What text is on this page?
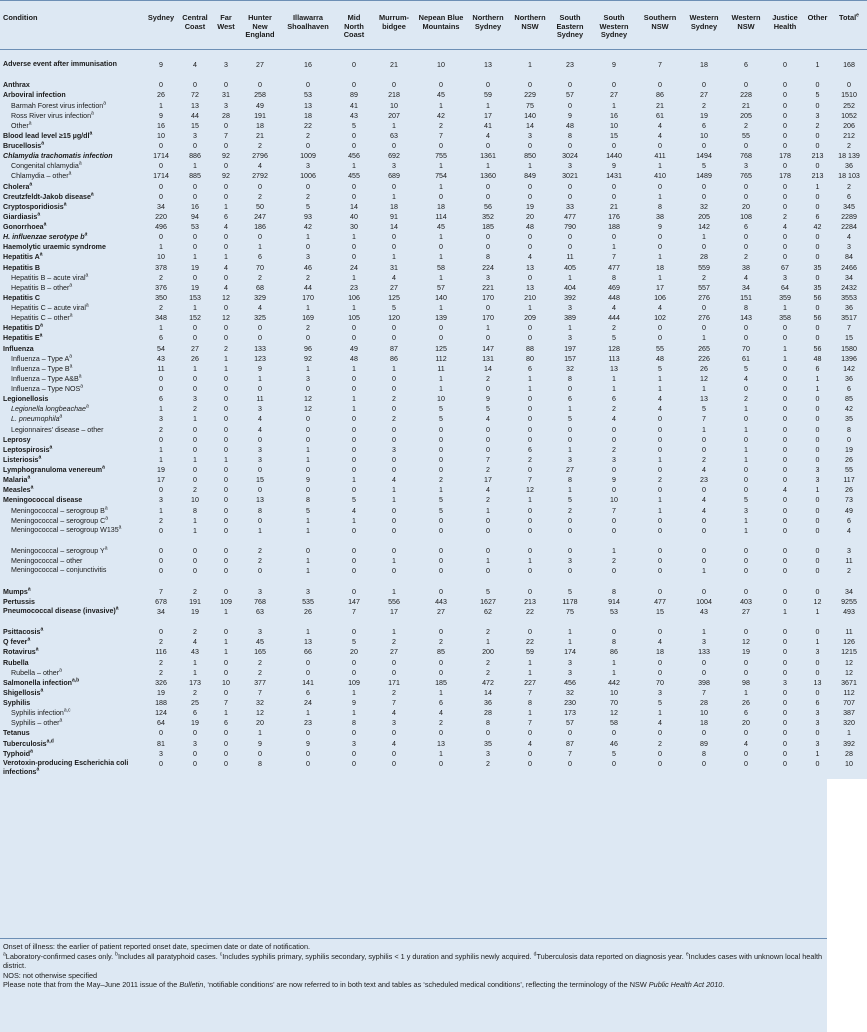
Condition	Sydney	Central Coast	Far West	Hunter New England	Illawarra Shoalhaven	Mid North Coast	Murrum-bidgee	Nepean Blue Mountains	Northern Sydney	Northern NSW	South Eastern Sydney	South Western Sydney	Southern NSW	Western Sydney	Western NSW	Justice Health	Other	Total$^e$

Adverse event after immunisation	9	4	3	27	16	0	21	10	13	1	23	9	7	18	6	0	1	168
Anthrax	0	0	0	0	0	0	0	0	0	0	0	0	0	0	0	0	0	0
Arboviral infection	26	72	31	258	53	89	218	45	59	229	57	27	86	27	228	0	5	1510
Barmah Forest virus infection$^a$	1	13	3	49	13	41	10	1	1	75	0	1	21	2	21	0	0	252
Ross River virus infection$^a$	9	44	28	191	18	43	207	42	17	140	9	16	61	19	205	0	3	1052
Other$^a$	16	15	0	18	22	5	1	2	41	14	48	10	4	6	2	0	2	206
Blood lead level ≥15 $\mu g/dl^a$	10	3	7	21	2	0	63	7	4	3	8	15	4	10	55	0	0	212
Brucellosis$^a$	0	0	0	2	0	0	0	0	0	0	0	0	0	0	0	0	0	2
Chlamydia trachomatis infection	1714	886	92	2796	1009	456	692	755	1361	850	3024	1440	411	1494	768	178	213	18 139
Congenital chlamydia$^a$	0	1	0	4	3	1	3	1	1	1	3	9	1	5	3	0	0	36
Chlamydia – other$^a$	1714	885	92	2792	1006	455	689	754	1360	849	3021	1431	410	1489	765	178	213	18 103
Cholera$^a$	0	0	0	0	0	0	0	1	0	0	0	0	0	0	0	0	1	2
Creutzfeldt-Jakob disease$^a$	0	0	0	2	2	0	1	0	0	0	0	0	1	0	0	0	0	6
Cryptosporidiosis$^a$	34	16	1	50	5	14	18	18	56	19	33	21	8	32	20	0	0	345
Giardiasis$^a$	220	94	6	247	93	40	91	114	352	20	477	176	38	205	108	2	6	2289
Gonorrhoea$^a$	496	53	4	186	42	30	14	45	185	48	790	188	9	142	6	4	42	2284
H. influenzae serotype $b^a$	0	0	0	0	1	1	0	1	0	0	0	0	0	1	0	0	0	4
Haemolytic uraemic syndrome	1	0	0	1	0	0	0	0	0	0	0	1	0	0	0	0	0	3
Hepatitis $A^a$	10	1	1	6	3	0	1	1	8	4	11	7	1	28	2	0	0	84
Hepatitis B	378	19	4	70	46	24	31	58	224	13	405	477	18	559	38	67	35	2466
Hepatitis B – acute viral$^a$	2	0	0	2	2	1	4	1	3	0	1	8	1	2	4	3	0	34
Hepatitis B – other$^a$	376	19	4	68	44	23	27	57	221	13	404	469	17	557	34	64	35	2432
Hepatitis C	350	153	12	329	170	106	125	140	170	210	392	448	106	276	151	359	56	3553
Hepatitis C – acute viral$^a$	2	1	0	4	1	1	5	1	0	1	3	4	4	0	8	1	0	36
Hepatitis C – other$^a$	348	152	12	325	169	105	120	139	170	209	389	444	102	276	143	358	56	3517
Hepatitis $D^a$	1	0	0	0	2	0	0	0	1	0	1	2	0	0	0	0	0	7
Hepatitis $E^a$	6	0	0	0	0	0	0	0	0	0	3	5	0	1	0	0	0	15
Influenza	54	27	2	133	96	49	87	125	147	88	197	128	55	265	70	1	56	1580
Influenza – Type $A^a$	43	26	1	123	92	48	86	112	131	80	157	113	48	226	61	1	48	1396
Influenza – Type $B^a$	11	1	1	9	1	1	1	11	14	6	32	13	5	26	5	0	6	142
Influenza – Type $A\&B^a$	0	0	0	1	3	0	0	1	2	1	8	1	1	12	4	0	1	36
Influenza – Type NOS$^a$	0	0	0	0	0	0	0	1	0	1	0	1	1	1	0	0	1	6
Legionellosis	6	3	0	11	12	1	2	10	9	0	6	6	4	13	2	0	0	85
Legionella longbeachae$^a$	1	2	0	3	12	1	0	5	5	0	1	2	4	5	1	0	0	42
L. pneumophila$^a$	3	1	0	4	0	0	2	5	4	0	5	4	0	7	0	0	0	35
Legionnaires' disease – other	2	0	0	4	0	0	0	0	0	0	0	0	0	1	1	0	0	8
Leprosy	0	0	0	0	0	0	0	0	0	0	0	0	0	0	0	0	0	0
Leptospirosis$^a$	1	0	0	3	1	0	3	0	0	6	1	2	0	0	1	0	0	19
Listeriosis$^a$	1	1	1	3	1	0	0	0	7	2	3	3	1	2	1	0	0	26
Lymphogranuloma venereum$^a$	19	0	0	0	0	0	0	0	2	0	27	0	0	4	0	0	3	55
Malaria$^a$	17	0	0	15	9	1	4	2	17	7	8	9	2	23	0	0	3	117
Measles$^a$	0	2	0	0	0	0	1	1	4	12	1	0	0	0	0	4	1	26
Meningococcal disease	3	10	0	13	8	5	1	5	2	1	5	10	1	4	5	0	0	73
Meningococcal – serogroup $B^a$	1	8	0	8	5	4	0	5	1	0	2	7	1	4	3	0	0	49
Meningococcal – serogroup $C^a$	2	1	0	0	1	1	0	0	0	0	0	0	0	0	1	0	0	6
Meningococcal – serogroup W135$^a$	0	1	0	1	1	0	0	0	0	0	0	0	0	0	1	0	0	4
Meningococcal – serogroup $Y^a$	0	0	0	2	0	0	0	0	0	0	0	1	0	0	0	0	0	3
Meningococcal – other	0	0	0	2	1	0	1	0	1	1	3	2	0	0	0	0	0	11
Meningococcal – conjunctivitis	0	0	0	0	1	0	0	0	0	0	0	0	0	1	0	0	0	2
Mumps$^a$	7	2	0	3	3	0	1	0	5	0	5	8	0	0	0	0	0	34
Pertussis	678	191	109	768	535	147	556	443	1627	213	1178	914	477	1004	403	0	12	9255
Pneumococcal disease (invasive)$^a$	34	19	1	63	26	7	17	27	62	22	75	53	15	43	27	1	1	493
Psittacosis$^a$	0	2	0	3	1	0	1	0	2	0	1	0	0	1	0	0	0	11
Q fever$^a$	2	4	1	45	13	5	2	2	1	22	1	8	4	3	12	0	1	126
Rotavirus$^a$	116	43	1	165	66	20	27	85	200	59	174	86	18	133	19	0	3	1215
Rubella	2	1	0	2	0	0	0	0	2	1	3	1	0	0	0	0	0	12
Rubella – other$^a$	2	1	0	2	0	0	0	0	2	1	3	1	0	0	0	0	0	12
Salmonella infection$^{a,b}$	326	173	10	377	141	109	171	185	472	227	456	442	70	398	98	3	13	3671
Shigellosis$^a$	19	2	0	7	6	1	2	1	14	7	32	10	3	7	1	0	0	112
Syphilis	188	25	7	32	24	9	7	6	36	8	230	70	5	28	26	0	6	707
Syphilis infection$^{a,c}$	124	6	1	12	1	1	4	4	28	1	173	12	1	10	6	0	3	387
Syphilis – other$^a$	64	19	6	20	23	8	3	2	8	7	57	58	4	18	20	0	3	320
Tetanus	0	0	0	1	0	0	0	0	0	0	0	0	0	0	0	0	0	1
Tuberculosis$^{a,d}$	81	3	0	9	9	3	4	13	35	4	87	46	2	89	4	0	3	392
Typhoid$^a$	3	0	0	0	0	0	0	1	3	0	7	5	0	8	0	0	1	28
Verotoxin-producing Escherichia coli infections$^a$	0	0	0	8	0	0	0	0	2	0	0	0	0	0	0	0	0	10
Onset of illness: the earlier of patient reported onset date, specimen date or date of notification.
$^a$Laboratory-confirmed cases only. $^b$Includes all paratyphoid cases. $^c$Includes syphilis primary, syphilis secondary, syphilis < 1 y duration and syphilis newly acquired. $^d$Tuberculosis data reported on diagnosis year. $^e$Includes cases with unknown local health district.
NOS: not otherwise specified
Please note that from the May–June 2011 issue of the Bulletin, ‘notifiable conditions’ are now referred to in both text and tables as ‘scheduled medical conditions’, reflecting the terminology of the NSW Public Health Act 2010.
